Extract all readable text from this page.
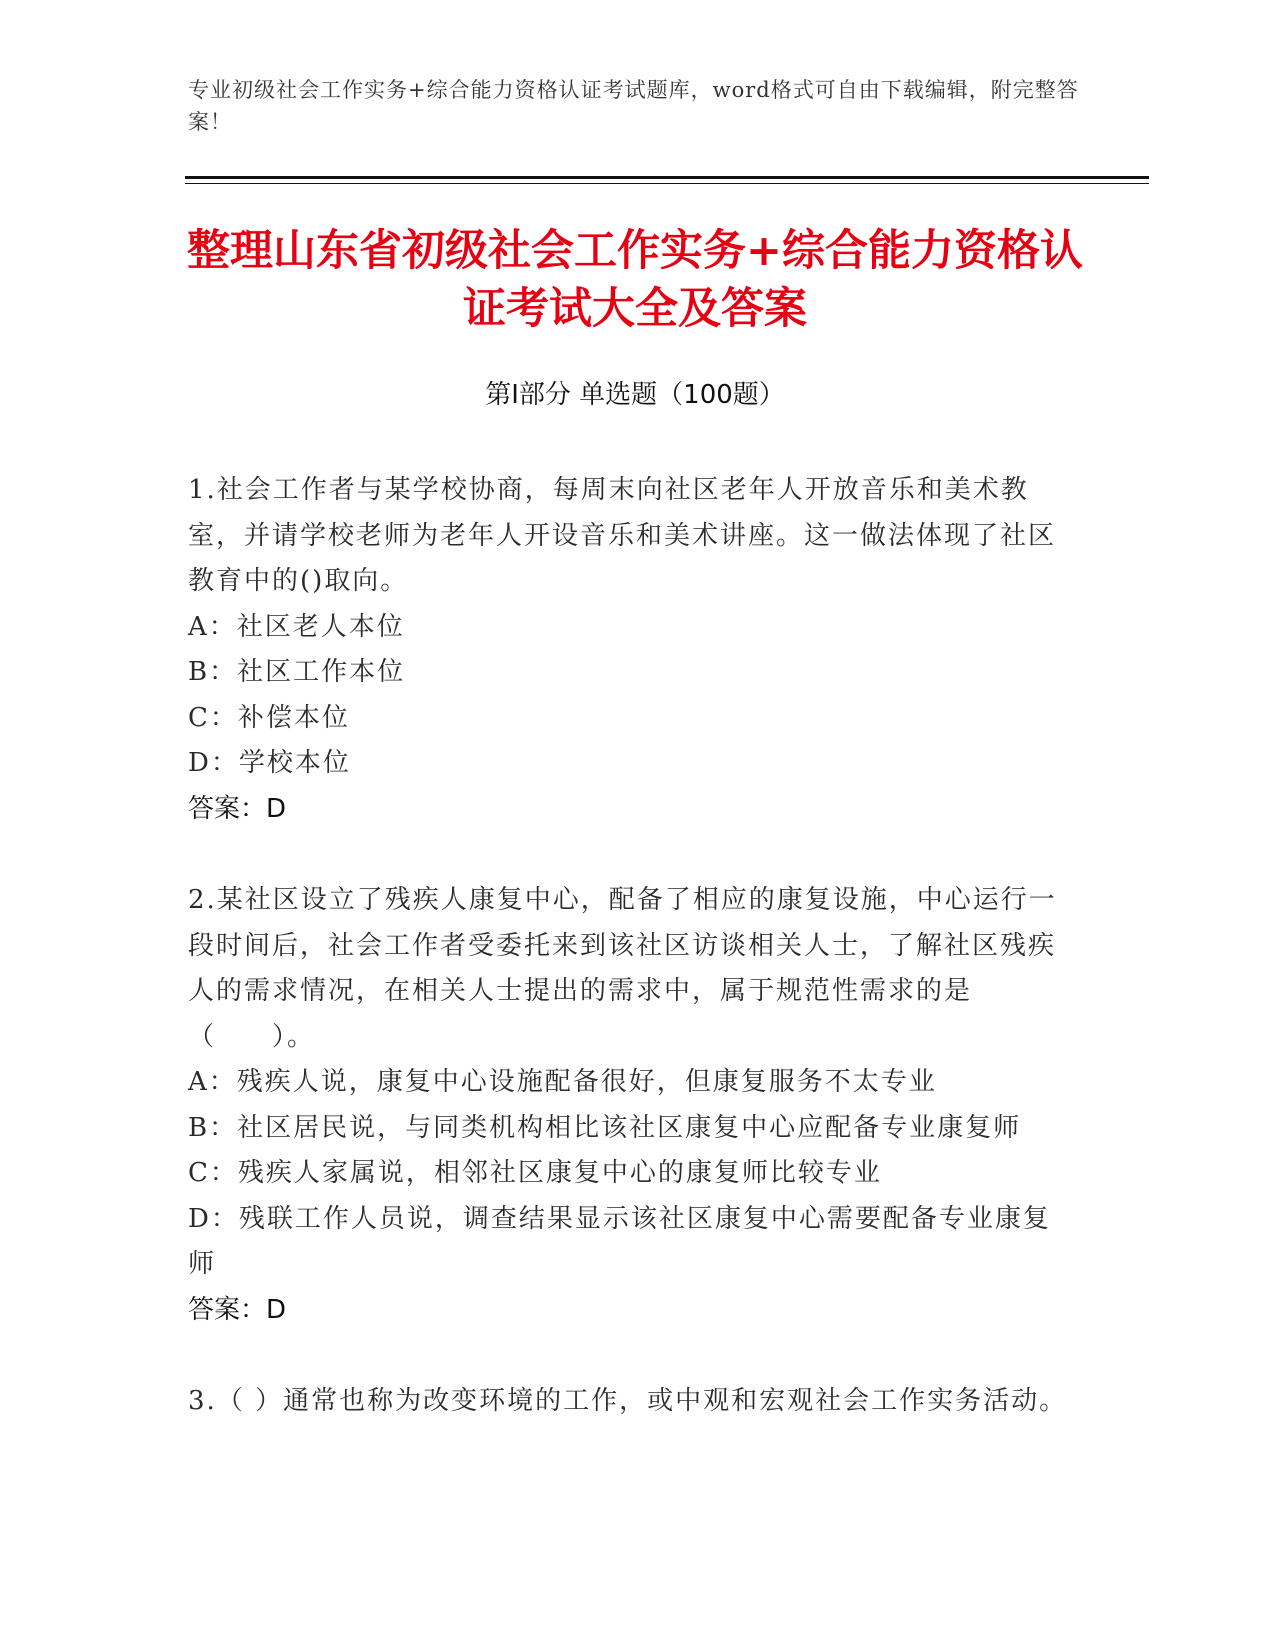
专业初级社会工作实务+综合能力资格认证考试题库，word格式可自由下载编辑，附完整答案！
整理山东省初级社会工作实务+综合能力资格认证考试大全及答案
第Ⅰ部分 单选题（100题）
1.社会工作者与某学校协商，每周末向社区老年人开放音乐和美术教室，并请学校老师为老年人开设音乐和美术讲座。这一做法体现了社区教育中的()取向。
A：社区老人本位
B：社区工作本位
C：补偿本位
D：学校本位
答案：D
2.某社区设立了残疾人康复中心，配备了相应的康复设施，中心运行一段时间后，社会工作者受委托来到该社区访谈相关人士，了解社区残疾人的需求情况，在相关人士提出的需求中，属于规范性需求的是（　　）。
A：残疾人说，康复中心设施配备很好，但康复服务不太专业
B：社区居民说，与同类机构相比该社区康复中心应配备专业康复师
C：残疾人家属说，相邻社区康复中心的康复师比较专业
D：残联工作人员说，调查结果显示该社区康复中心需要配备专业康复师
答案：D
3.（ ）通常也称为改变环境的工作，或中观和宏观社会工作实务活动。
